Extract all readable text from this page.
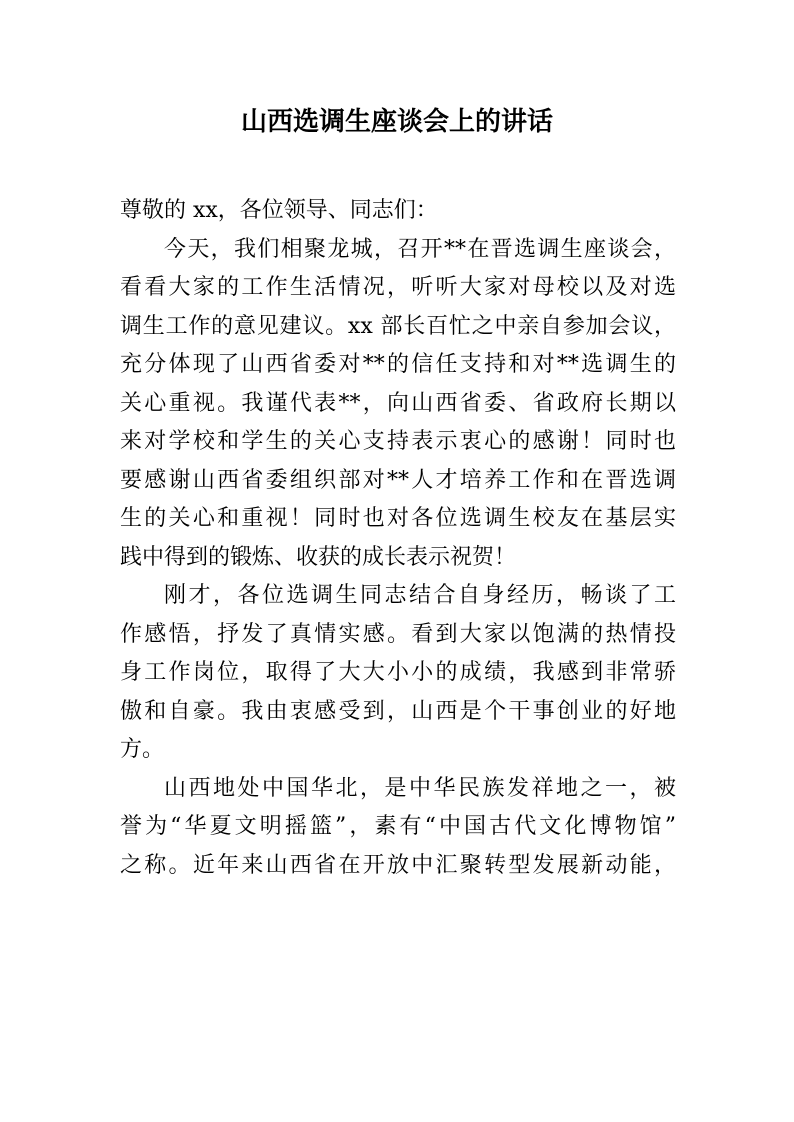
山西选调生座谈会上的讲话

尊敬的 xx，各位领导、同志们：

今天，我们相聚龙城，召开**在晋选调生座谈会，
看看大家的工作生活情况，听听大家对母校以及对选
调生工作的意见建议。xx 部长百忙之中亲自参加会议，
充分体现了山西省委对**的信任支持和对**选调生的
关心重视。我谨代表**，向山西省委、省政府长期以
来对学校和学生的关心支持表示衷心的感谢！同时也
要感谢山西省委组织部对**人才培养工作和在晋选调
生的关心和重视！同时也对各位选调生校友在基层实
践中得到的锻炼、收获的成长表示祝贺！

刚才，各位选调生同志结合自身经历，畅谈了工
作感悟，抒发了真情实感。看到大家以饱满的热情投
身工作岗位，取得了大大小小的成绩，我感到非常骄
傲和自豪。我由衷感受到，山西是个干事创业的好地
方。

山西地处中国华北，是中华民族发祥地之一，被
誉为“华夏文明摇篮”，素有“中国古代文化博物馆”
之称。近年来山西省在开放中汇聚转型发展新动能，
